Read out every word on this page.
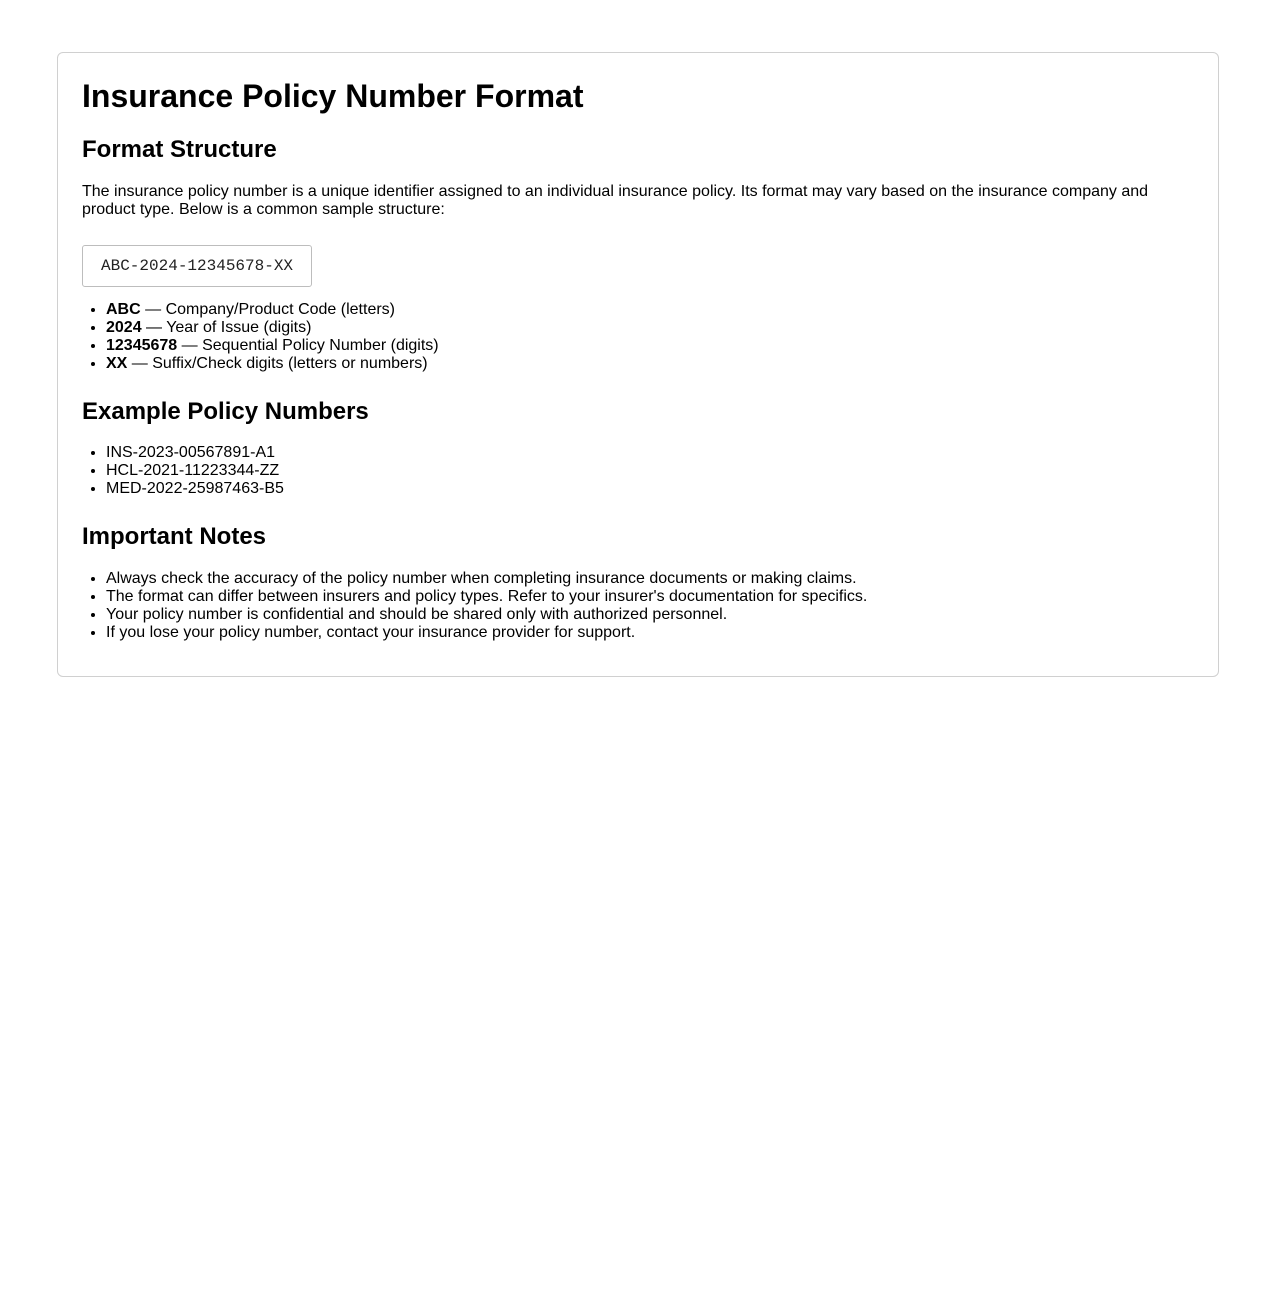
Insurance Policy Number Format
Format Structure

The insurance policy number is a unique identifier assigned to an individual insurance policy. Its format may vary based on the insurance company and product type. Below is a common sample structure:

ABC-2024-12345678-XX
• ABC — Company/Product Code (letters)
• 2024 — Year of Issue (digits)
• 12345678 — Sequential Policy Number (digits)
• XX — Suffix/Check digits (letters or numbers)
Example Policy Numbers
• INS-2023-00567891-A1
• HCL-2021-11223344-ZZ
• MED-2022-25987463-B5
Important Notes
• Always check the accuracy of the policy number when completing insurance documents or making claims.
• The format can differ between insurers and policy types. Refer to your insurer's documentation for specifics.
• Your policy number is confidential and should be shared only with authorized personnel.
• If you lose your policy number, contact your insurance provider for support.
